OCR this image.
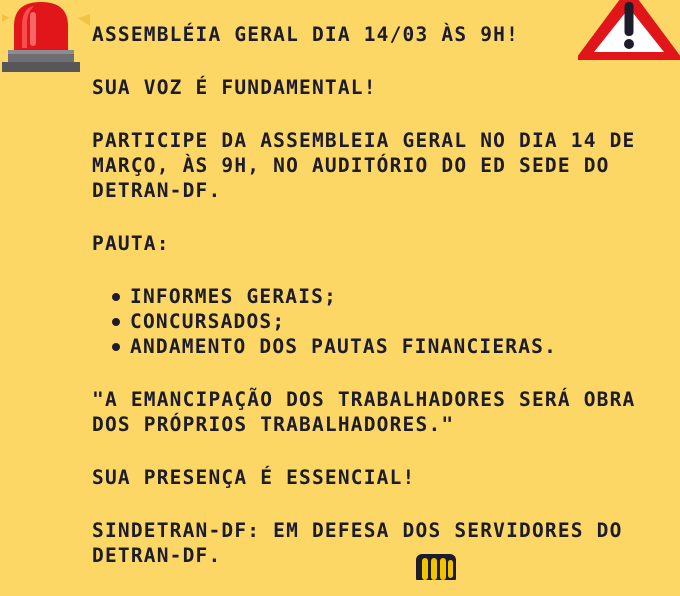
ASSEMBLÉIA GERAL DIA 14/03 ÀS 9H!

SUA VOZ É FUNDAMENTAL!

PARTICIPE DA ASSEMBLEIA GERAL NO DIA 14 DE MARÇO, ÀS 9H, NO AUDITÓRIO DO ED SEDE DO DETRAN-DF.

PAUTA:

INFORMES GERAIS;
CONCURSADOS;
ANDAMENTO DOS PAUTAS FINANCIERAS.

"A EMANCIPAÇÃO DOS TRABALHADORES SERÁ OBRA DOS PRÓPRIOS TRABALHADORES."

SUA PRESENÇA É ESSENCIAL!

SINDETRAN-DF: EM DEFESA DOS SERVIDORES DO DETRAN-DF.
